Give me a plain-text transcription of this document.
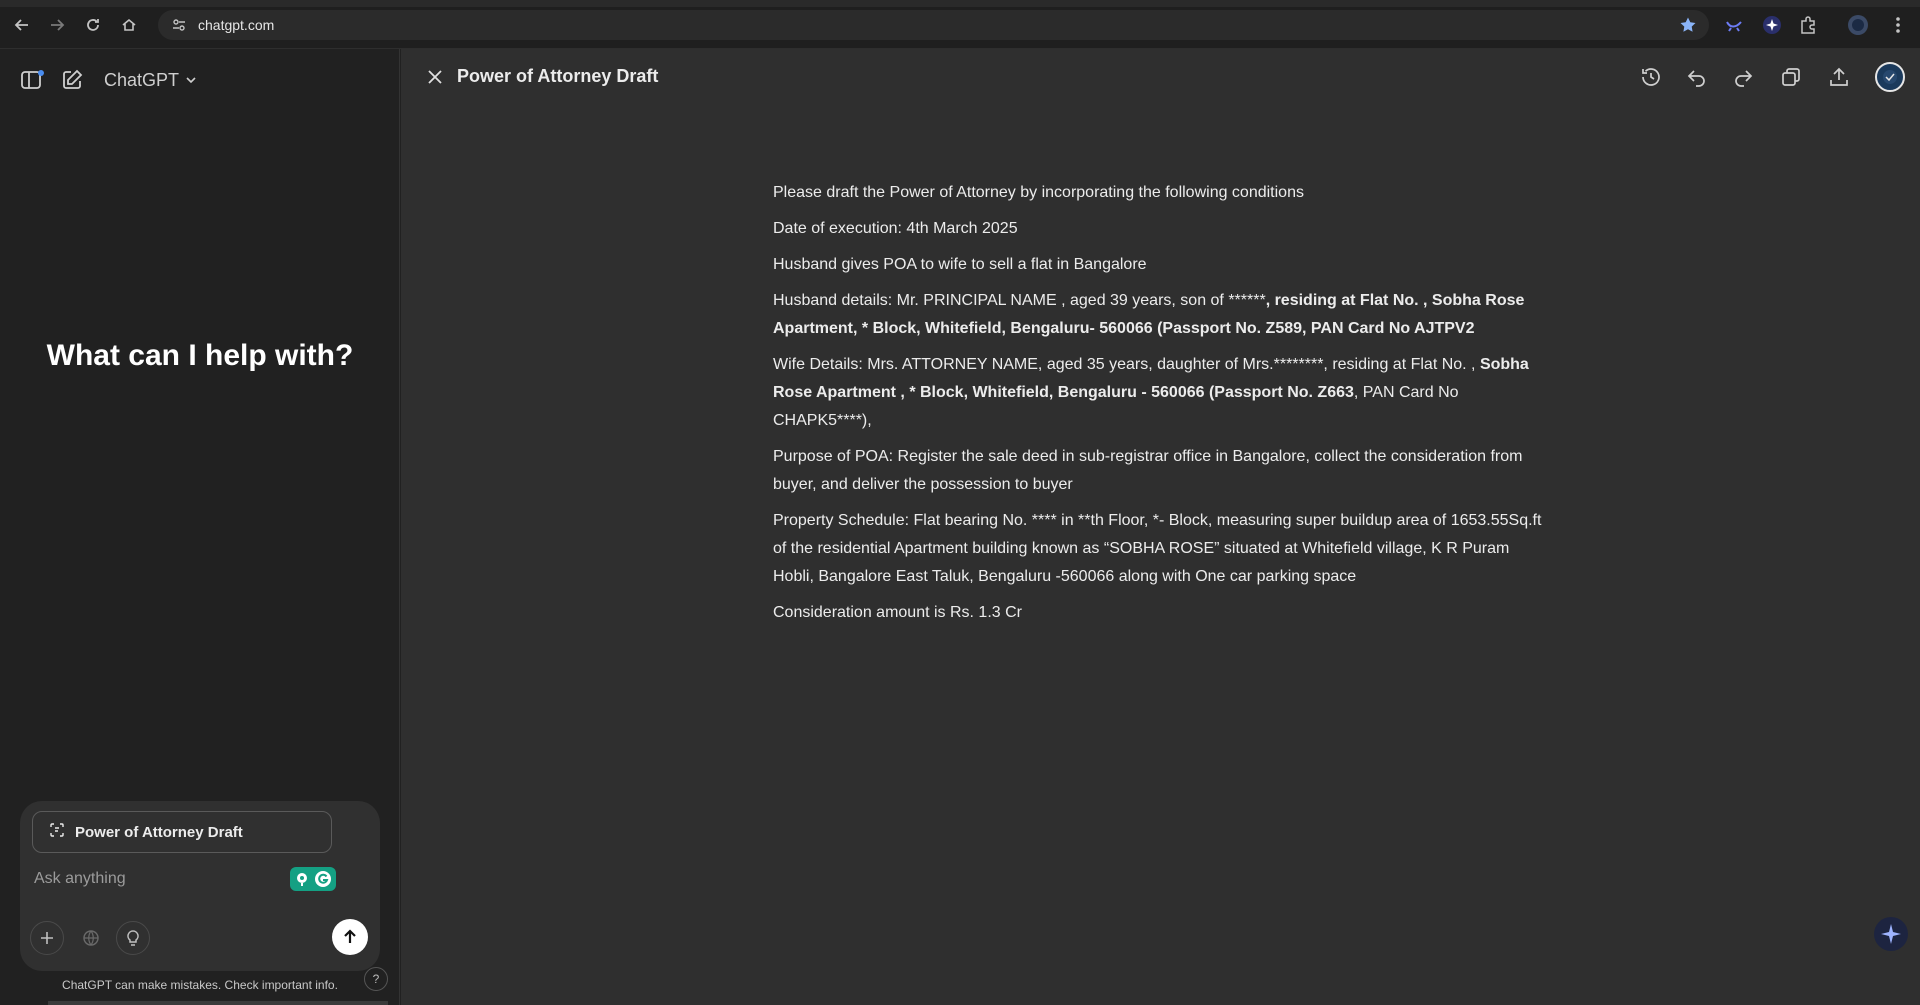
chatgpt.com
ChatGPT
What can I help with?
Power of Attorney Draft
Ask anything
ChatGPT can make mistakes. Check important info.	?
Power of Attorney Draft

Please draft the Power of Attorney by incorporating the following conditions

Date of execution: 4th March 2025

Husband gives POA to wife to sell a flat in Bangalore

Husband details: Mr. PRINCIPAL NAME , aged 39 years, son of ******, residing at Flat No. , Sobha Rose Apartment, * Block, Whitefield, Bengaluru- 560066 (Passport No. Z589, PAN Card No AJTPV2

Wife Details: Mrs. ATTORNEY NAME, aged 35 years, daughter of Mrs.********, residing at Flat No. , Sobha Rose Apartment , * Block, Whitefield, Bengaluru - 560066 (Passport No. Z663, PAN Card No CHAPK5****),

Purpose of POA: Register the sale deed in sub-registrar office in Bangalore, collect the consideration from buyer, and deliver the possession to buyer

Property Schedule: Flat bearing No. **** in **th Floor, *- Block, measuring super buildup area of 1653.55Sq.ft of the residential Apartment building known as “SOBHA ROSE” situated at Whitefield village, K R Puram Hobli, Bangalore East Taluk, Bengaluru -560066 along with One car parking space

Consideration amount is Rs. 1.3 Cr
